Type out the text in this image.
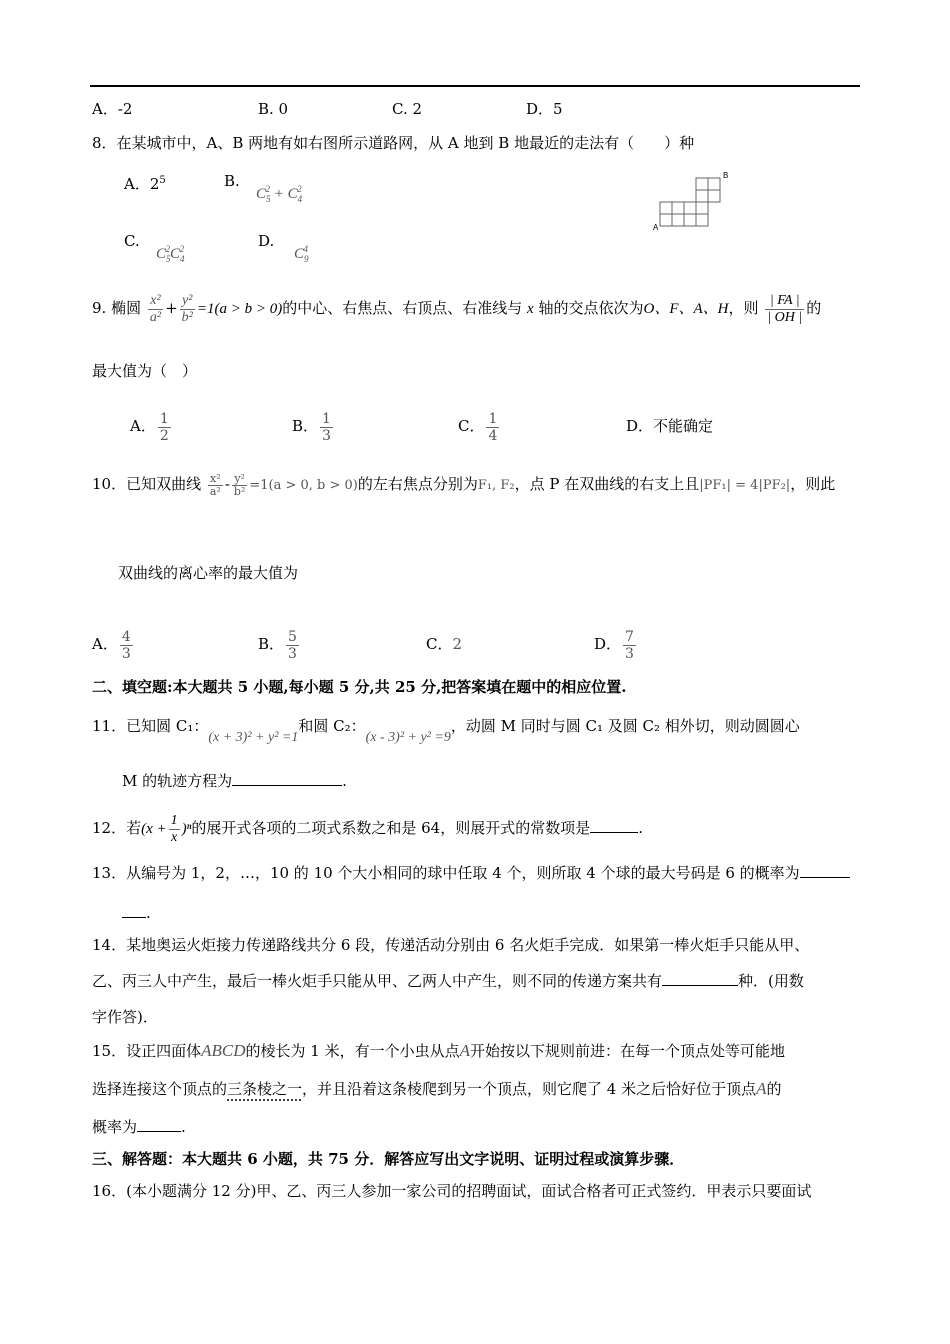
A．-2	B. 0	C. 2	D．5
8．在某城市中，A、B 两地有如右图所示道路网，从 A 地到 B 地最近的走法有（　　）种
A．$2^5$	B.
$C_5^2 + C_4^2$
C.
$C_5^2C_4^2$	D.
$C_9^4$
A
B
9. 椭圆 $\frac{\text{x²}}{\text{a²}} + \frac{\text{y²}}{\text{b²}} =1(a > b > 0)$的中心、右焦点、右顶点、右准线与 x 轴的交点依次为O、F、A、H，则 $\frac{| FA |}{| OH |}$ 的
最大值为（　）
A． $\frac{1}{2}$	B． $\frac{1}{3}$	C． $\frac{1}{4}$	D．不能确定
10．已知双曲线 $\frac{\text{x²}}{\text{a²}} - \frac{\text{y²}}{\text{b²}} =1(a > 0$, b > 0)的左右焦点分别为F₁, F₂，点 P 在双曲线的右支上且|PF₁| = 4|PF₂|，则此
双曲线的离心率的最大值为
A． $\frac{4}{3}$	B． $\frac{5}{3}$	C．2	D． $\frac{7}{3}$
二、填空题:本大题共 5 小题,每小题 5 分,共 25 分,把答案填在题中的相应位置.
11．已知圆 C₁：(x + 3)² + y² =1和圆 C₂：(x - 3)² + y² =9，动圆 M 同时与圆 C₁ 及圆 C₂ 相外切，则动圆圆心
M 的轨迹方程为	.
12．若$(x + \frac{1}{x} )^n$的展开式各项的二项式系数之和是 64，则展开式的常数项是	.
13．从编号为 1，2，…，10 的 10 个大小相同的球中任取 4 个，则所取 4 个球的最大号码是 6 的概率为
.
14．某地奥运火炬接力传递路线共分 6 段，传递活动分别由 6 名火炬手完成．如果第一棒火炬手只能从甲、
乙、丙三人中产生，最后一棒火炬手只能从甲、乙两人中产生，则不同的传递方案共有	种．(用数
字作答)．
15．设正四面体ABCD的棱长为 1 米，有一个小虫从点A开始按以下规则前进：在每一个顶点处等可能地
选择连接这个顶点的三条棱之一，并且沿着这条棱爬到另一个顶点，则它爬了 4 米之后恰好位于顶点A的
概率为	.
三、解答题：本大题共 6 小题，共 75 分．解答应写出文字说明、证明过程或演算步骤．
16．(本小题满分 12 分)甲、乙、丙三人参加一家公司的招聘面试，面试合格者可正式签约．甲表示只要面试
